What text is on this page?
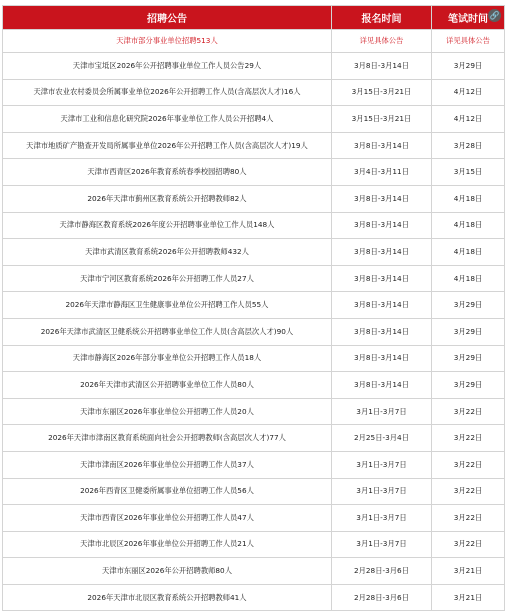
招聘公告	报名时间	笔试时间
天津市部分事业单位招聘513人	详见具体公告	详见具体公告
天津市宝坻区2026年公开招聘事业单位工作人员公告29人	3月8日-3月14日	3月29日
天津市农业农村委员会所属事业单位2026年公开招聘工作人员(含高层次人才)16人	3月15日-3月21日	4月12日
天津市工业和信息化研究院2026年事业单位工作人员公开招聘4人	3月15日-3月21日	4月12日
天津市地质矿产勘查开发局所属事业单位2026年公开招聘工作人员(含高层次人才)19人	3月8日-3月14日	3月28日
天津市西青区2026年教育系统春季校园招聘80人	3月4日-3月11日	3月15日
2026年天津市蓟州区教育系统公开招聘教师82人	3月8日-3月14日	4月18日
天津市静海区教育系统2026年度公开招聘事业单位工作人员148人	3月8日-3月14日	4月18日
天津市武清区教育系统2026年公开招聘教师432人	3月8日-3月14日	4月18日
天津市宁河区教育系统2026年公开招聘工作人员27人	3月8日-3月14日	4月18日
2026年天津市静海区卫生健康事业单位公开招聘工作人员55人	3月8日-3月14日	3月29日
2026年天津市武清区卫健系统公开招聘事业单位工作人员(含高层次人才)90人	3月8日-3月14日	3月29日
天津市静海区2026年部分事业单位公开招聘工作人员18人	3月8日-3月14日	3月29日
2026年天津市武清区公开招聘事业单位工作人员80人	3月8日-3月14日	3月29日
天津市东丽区2026年事业单位公开招聘工作人员20人	3月1日-3月7日	3月22日
2026年天津市津南区教育系统面向社会公开招聘教师(含高层次人才)77人	2月25日-3月4日	3月22日
天津市津南区2026年事业单位公开招聘工作人员37人	3月1日-3月7日	3月22日
2026年西青区卫健委所属事业单位招聘工作人员56人	3月1日-3月7日	3月22日
天津市西青区2026年事业单位公开招聘工作人员47人	3月1日-3月7日	3月22日
天津市北辰区2026年事业单位公开招聘工作人员21人	3月1日-3月7日	3月22日
天津市东丽区2026年公开招聘教师80人	2月28日-3月6日	3月21日
2026年天津市北辰区教育系统公开招聘教师41人	2月28日-3月6日	3月21日
🔗
